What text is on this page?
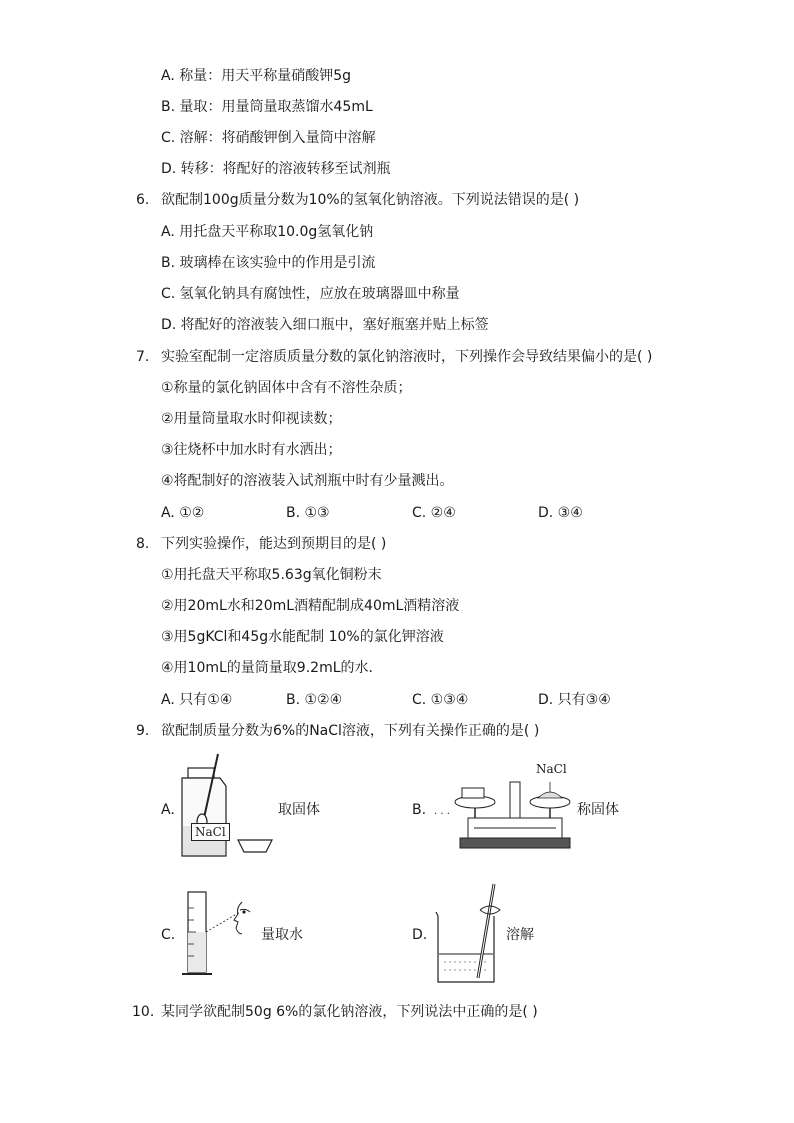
A. 称量：用天平称量硝酸钾5g
B. 量取：用量筒量取蒸馏水45mL
C. 溶解：将硝酸钾倒入量筒中溶解
D. 转移：将配好的溶液转移至试剂瓶
6. 欲配制100g质量分数为10%的氢氧化钠溶液。下列说法错误的是( )
A. 用托盘天平称取10.0g氢氧化钠
B. 玻璃棒在该实验中的作用是引流
C. 氢氧化钠具有腐蚀性，应放在玻璃器皿中称量
D. 将配好的溶液装入细口瓶中，塞好瓶塞并贴上标签
7. 实验室配制一定溶质质量分数的氯化钠溶液时，下列操作会导致结果偏小的是( )
①称量的氯化钠固体中含有不溶性杂质；
②用量筒量取水时仰视读数；
③往烧杯中加水时有水洒出；
④将配制好的溶液装入试剂瓶中时有少量溅出。
A. ①②	B. ①③	C. ②④	D. ③④
8. 下列实验操作，能达到预期目的是( )
①用托盘天平称取5.63g氧化铜粉末
②用20mL水和20mL酒精配制成40mL酒精溶液
③用5gKCl和45g水能配制 10%的氯化钾溶液
④用10mL的量筒量取9.2mL的水．
A. 只有①④	B. ①②④	C. ①③④	D. 只有③④
9. 欲配制质量分数为6%的NaCl溶液，下列有关操作正确的是( )
A.
NaCl
取固体	B. . . .
NaCl
称固体
C.	量取水	D.	溶解
10. 某同学欲配制50g 6%的氯化钠溶液，下列说法中正确的是( )
